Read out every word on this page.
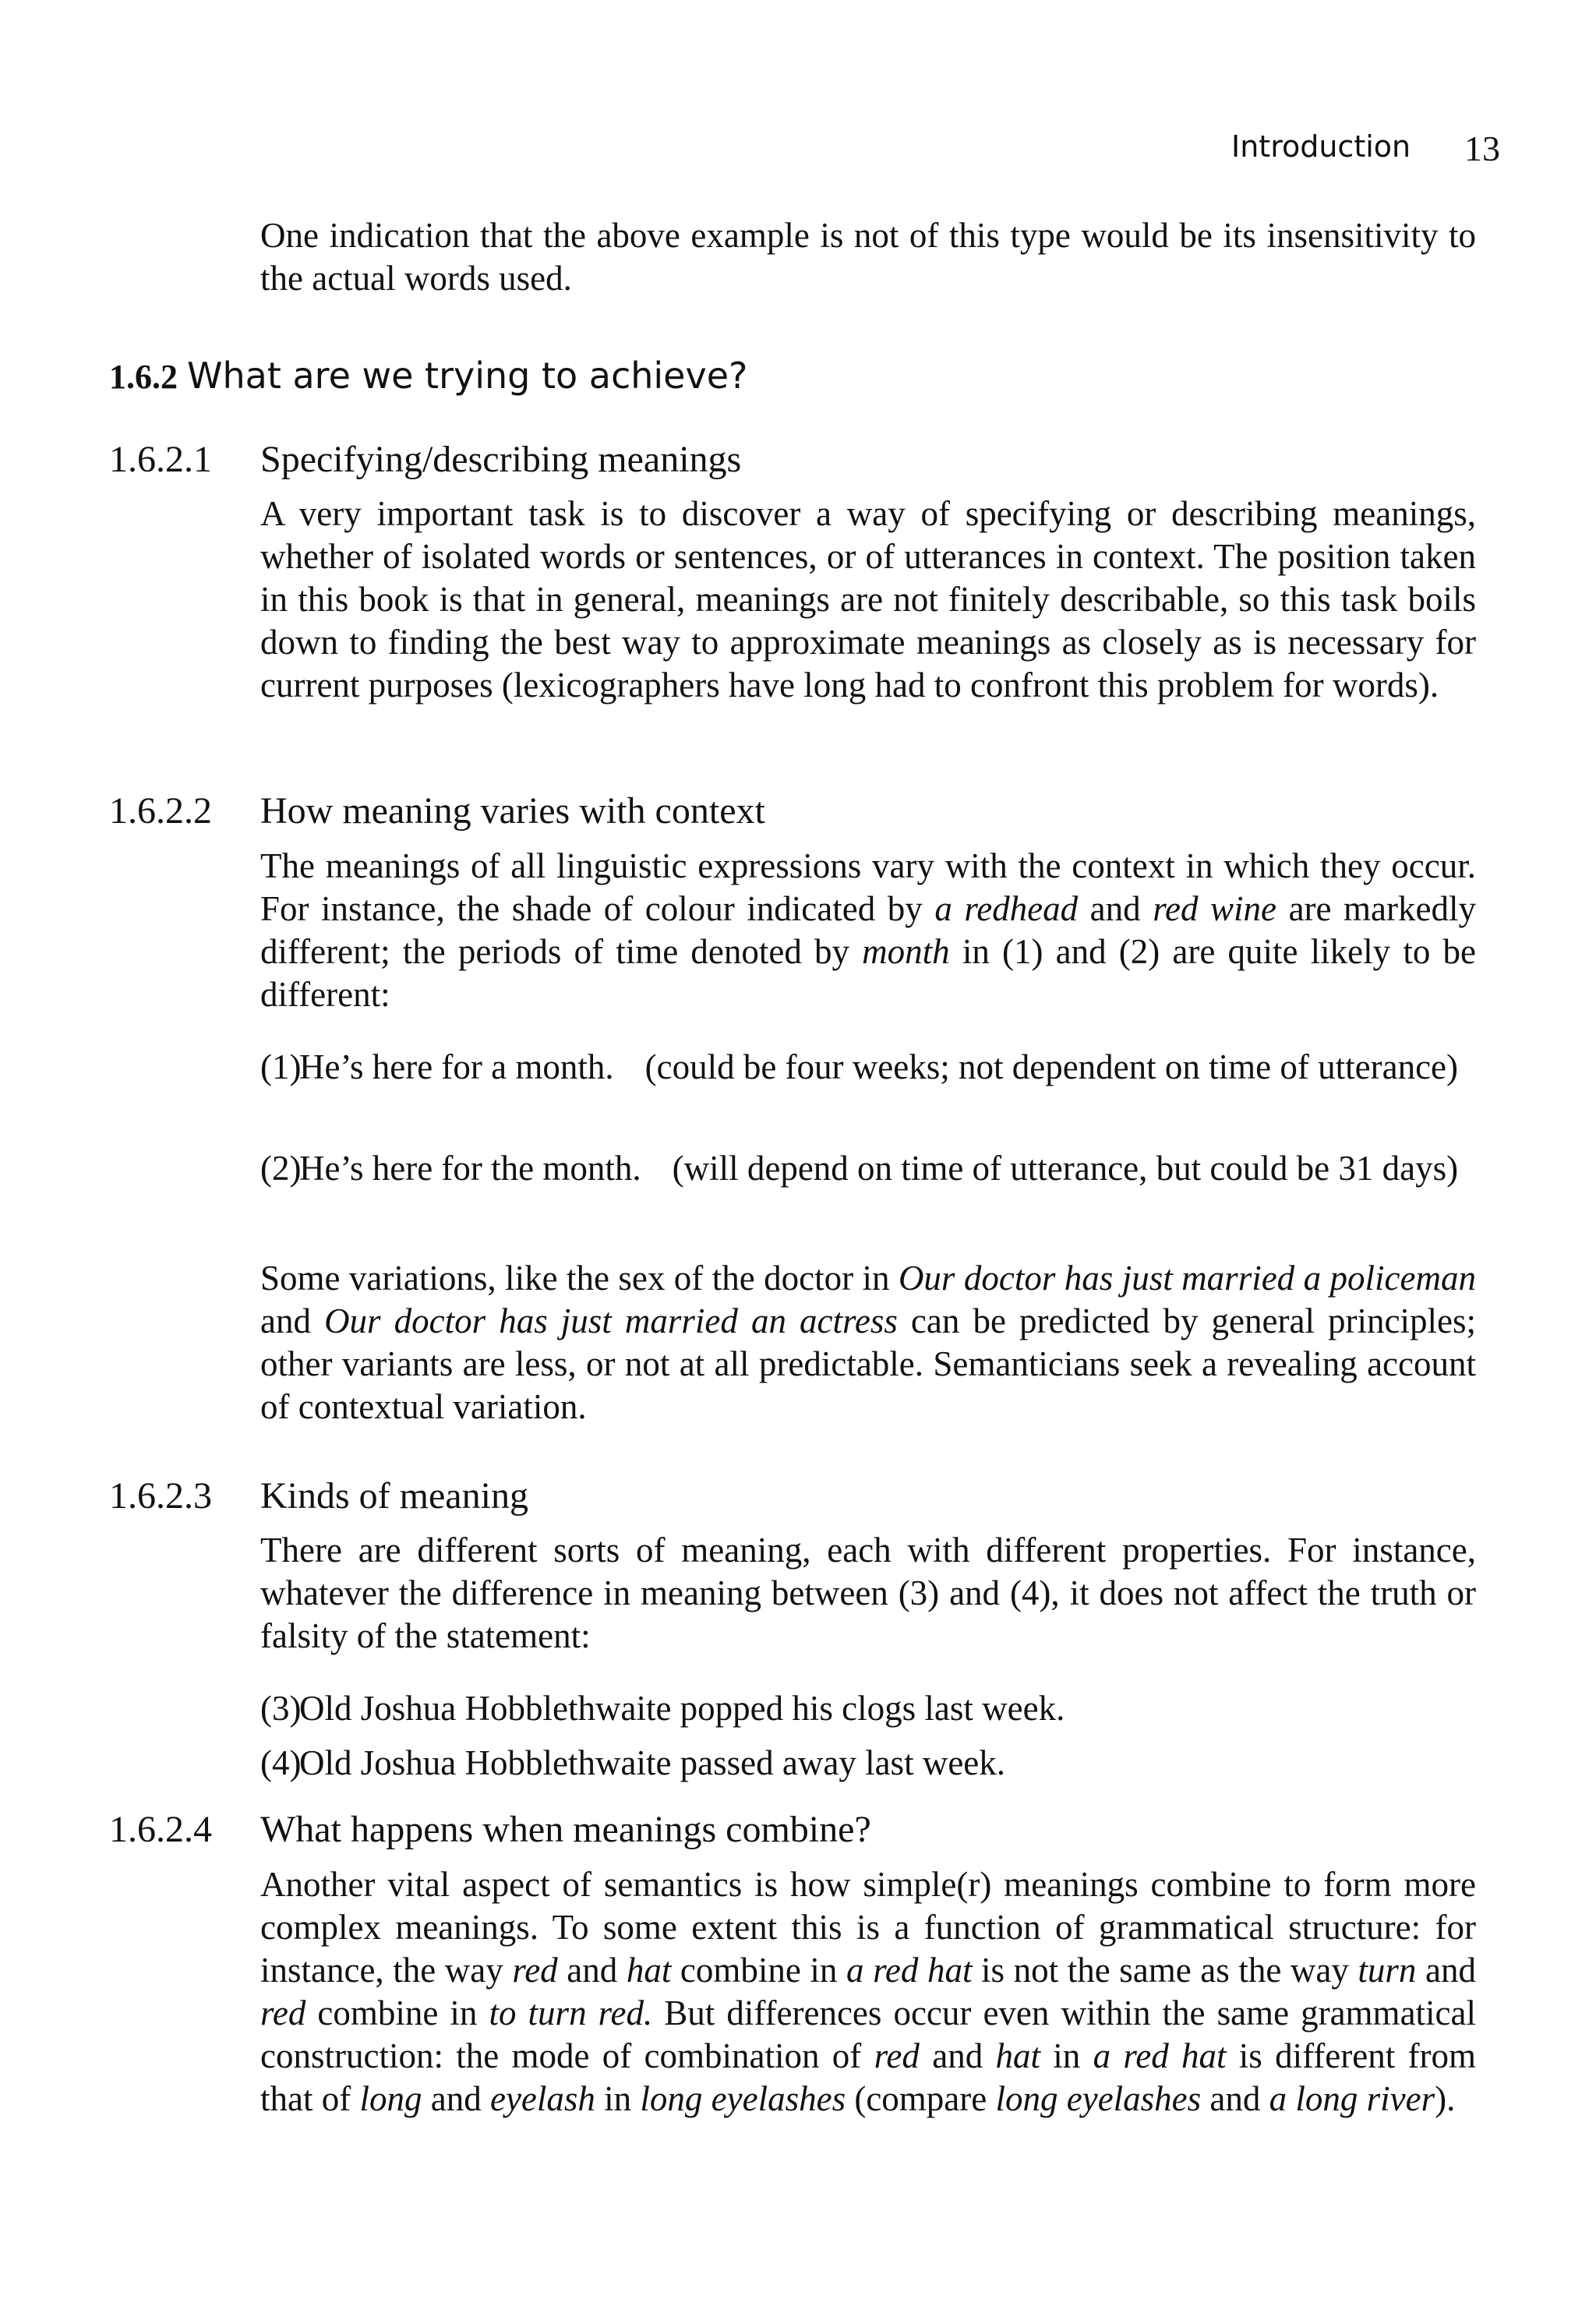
Introduction 13

One indication that the above example is not of this type would be its insensitivity to the actual words used.

1.6.2 What are we trying to achieve?
1.6.2.1 Specifying/describing meanings

A very important task is to discover a way of specifying or describing meanings, whether of isolated words or sentences, or of utterances in context. The position taken in this book is that in general, meanings are not finitely describable, so this task boils down to finding the best way to approximate meanings as closely as is necessary for current purposes (lexicographers have long had to confront this problem for words).

1.6.2.2 How meaning varies with context

The meanings of all linguistic expressions vary with the context in which they occur. For instance, the shade of colour indicated by a redhead and red wine are markedly different; the periods of time denoted by month in (1) and (2) are quite likely to be different:

(1)
He’s here for a month. (could be four weeks; not dependent on time of utterance)
(2)
He’s here for the month. (will depend on time of utterance, but could be 31 days)

Some variations, like the sex of the doctor in Our doctor has just married a policeman and Our doctor has just married an actress can be predicted by general principles; other variants are less, or not at all predictable. Semanticians seek a revealing account of contextual variation.

1.6.2.3 Kinds of meaning

There are different sorts of meaning, each with different properties. For instance, whatever the difference in meaning between (3) and (4), it does not affect the truth or falsity of the statement:

(3)
Old Joshua Hobblethwaite popped his clogs last week.
(4)
Old Joshua Hobblethwaite passed away last week.
1.6.2.4 What happens when meanings combine?

Another vital aspect of semantics is how simple(r) meanings combine to form more complex meanings. To some extent this is a function of grammatical structure: for instance, the way red and hat combine in a red hat is not the same as the way turn and red combine in to turn red. But differences occur even within the same grammatical construction: the mode of combination of red and hat in a red hat is different from that of long and eyelash in long eyelashes (compare long eyelashes and a long river).
